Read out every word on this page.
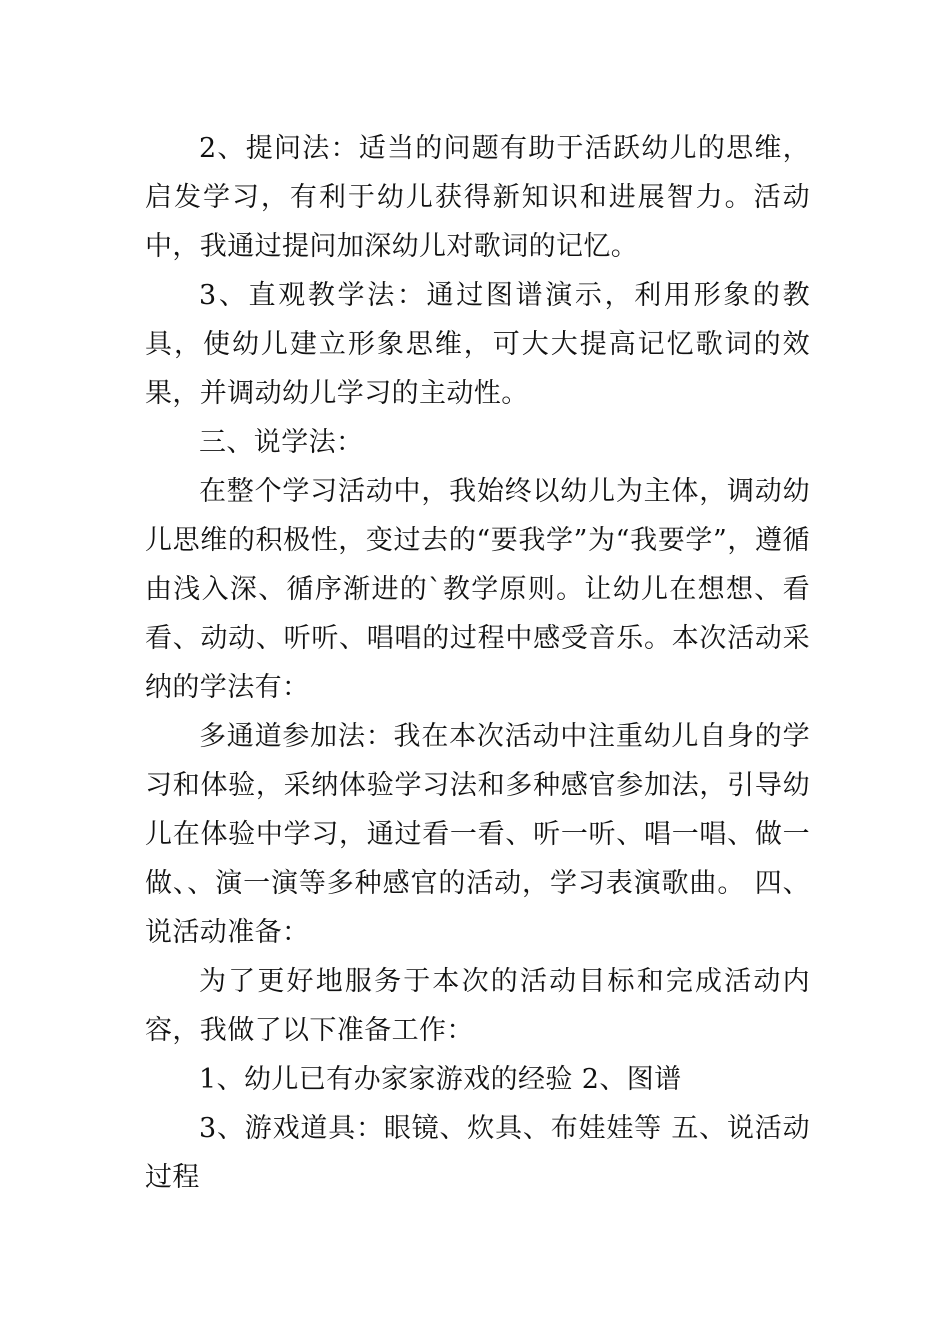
2、提问法：适当的问题有助于活跃幼儿的思维，启发学习，有利于幼儿获得新知识和进展智力。活动中，我通过提问加深幼儿对歌词的记忆。

3、直观教学法：通过图谱演示，利用形象的教具，使幼儿建立形象思维，可大大提高记忆歌词的效果，并调动幼儿学习的主动性。

三、说学法：

在整个学习活动中，我始终以幼儿为主体，调动幼儿思维的积极性，变过去的“要我学”为“我要学”，遵循由浅入深、循序渐进的`教学原则。让幼儿在想想、看看、动动、听听、唱唱的过程中感受音乐。本次活动采纳的学法有：

多通道参加法：我在本次活动中注重幼儿自身的学习和体验，采纳体验学习法和多种感官参加法，引导幼儿在体验中学习，通过看一看、听一听、唱一唱、做一做、、演一演等多种感官的活动，学习表演歌曲。 四、说活动准备：

为了更好地服务于本次的活动目标和完成活动内容，我做了以下准备工作：

1、幼儿已有办家家游戏的经验 2、图谱

3、游戏道具：眼镜、炊具、布娃娃等 五、说活动过程
